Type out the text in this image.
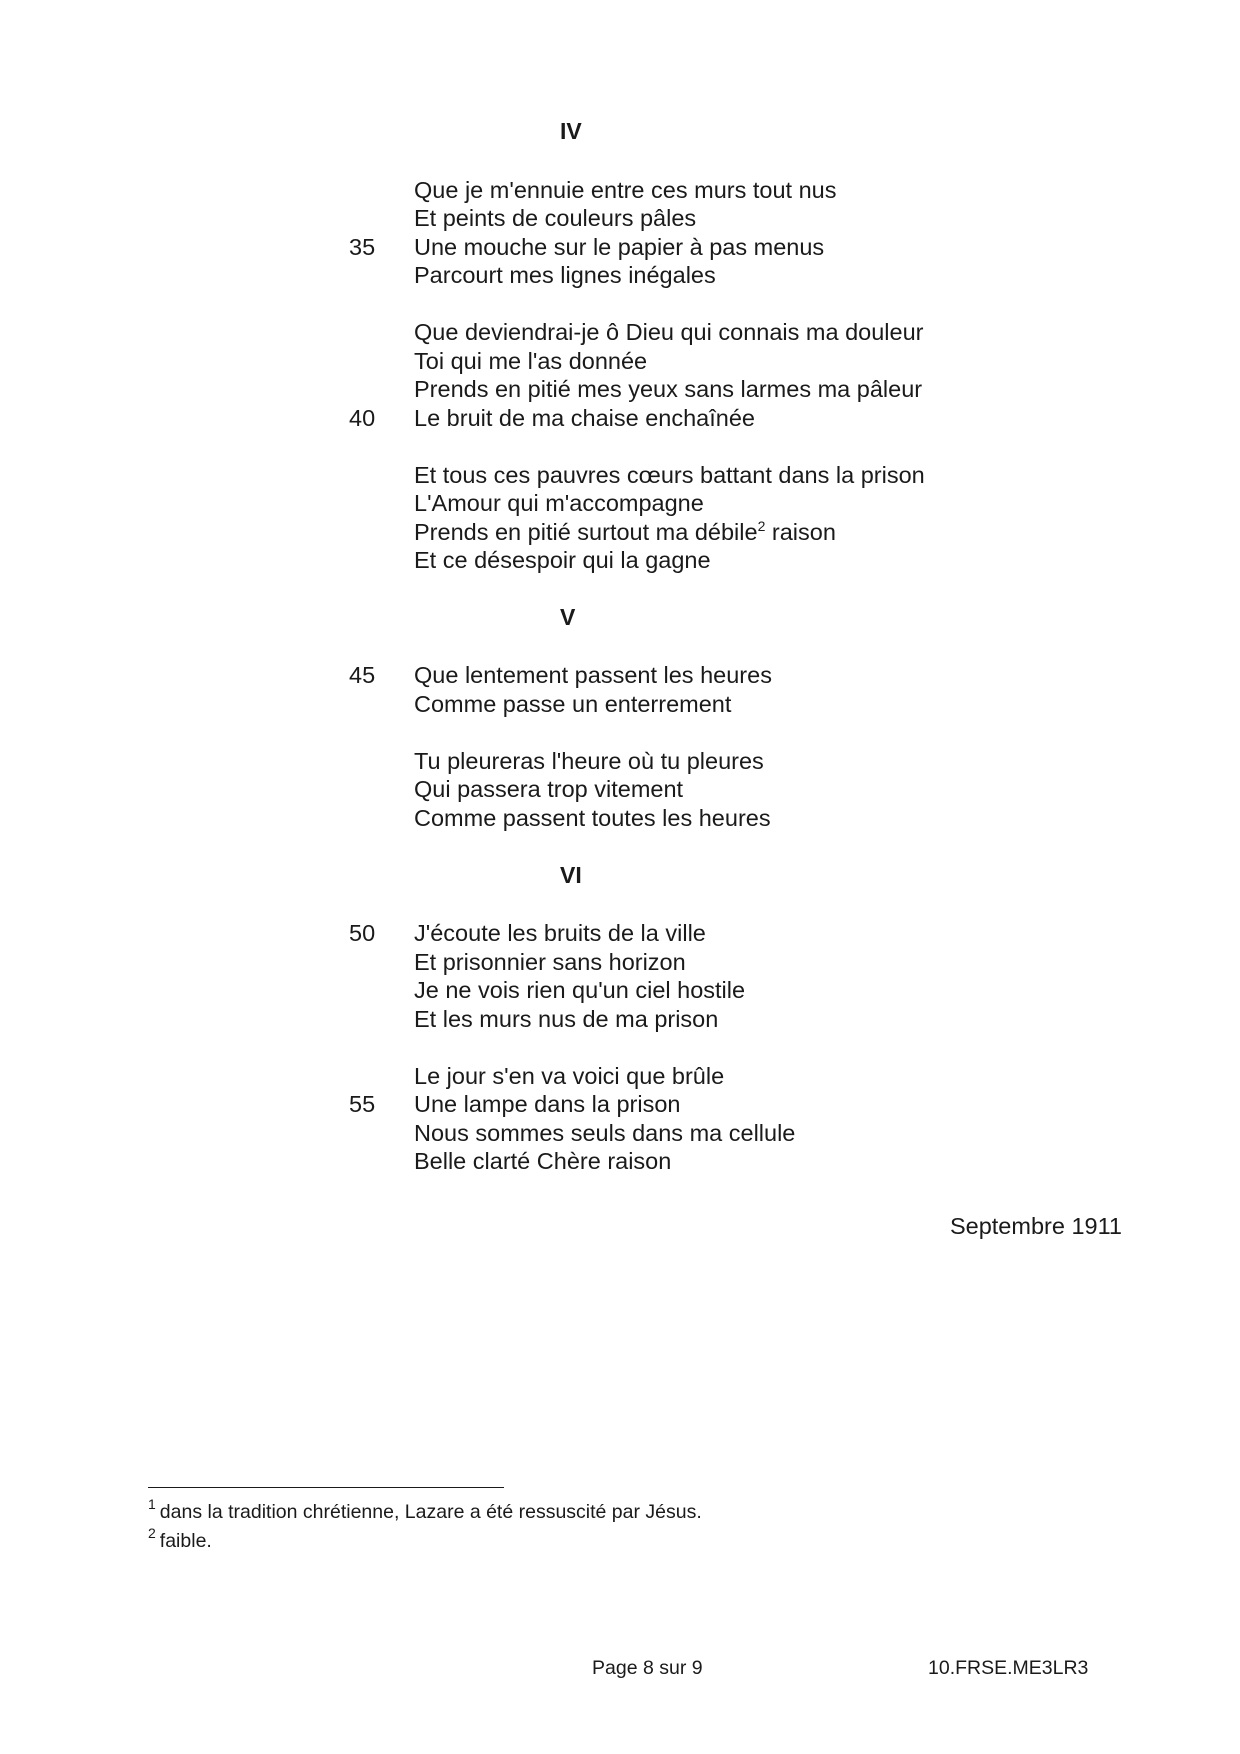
IV
Que je m'ennuie entre ces murs tout nus
Et peints de couleurs pâles
35 Une mouche sur le papier à pas menus
Parcourt mes lignes inégales
Que deviendrai-je ô Dieu qui connais ma douleur
Toi qui me l'as donnée
Prends en pitié mes yeux sans larmes ma pâleur
40 Le bruit de ma chaise enchaînée
Et tous ces pauvres cœurs battant dans la prison
L'Amour qui m'accompagne
Prends en pitié surtout ma débile$^2$ raison
Et ce désespoir qui la gagne
V
45 Que lentement passent les heures
Comme passe un enterrement
Tu pleureras l'heure où tu pleures
Qui passera trop vitement
Comme passent toutes les heures
VI
50 J'écoute les bruits de la ville
Et prisonnier sans horizon
Je ne vois rien qu'un ciel hostile
Et les murs nus de ma prison
Le jour s'en va voici que brûle
55 Une lampe dans la prison
Nous sommes seuls dans ma cellule
Belle clarté Chère raison
Septembre 1911
$^1$ dans la tradition chrétienne, Lazare a été ressuscité par Jésus.
$^2$ faible.
Page 8 sur 9	10.FRSE.ME3LR3
